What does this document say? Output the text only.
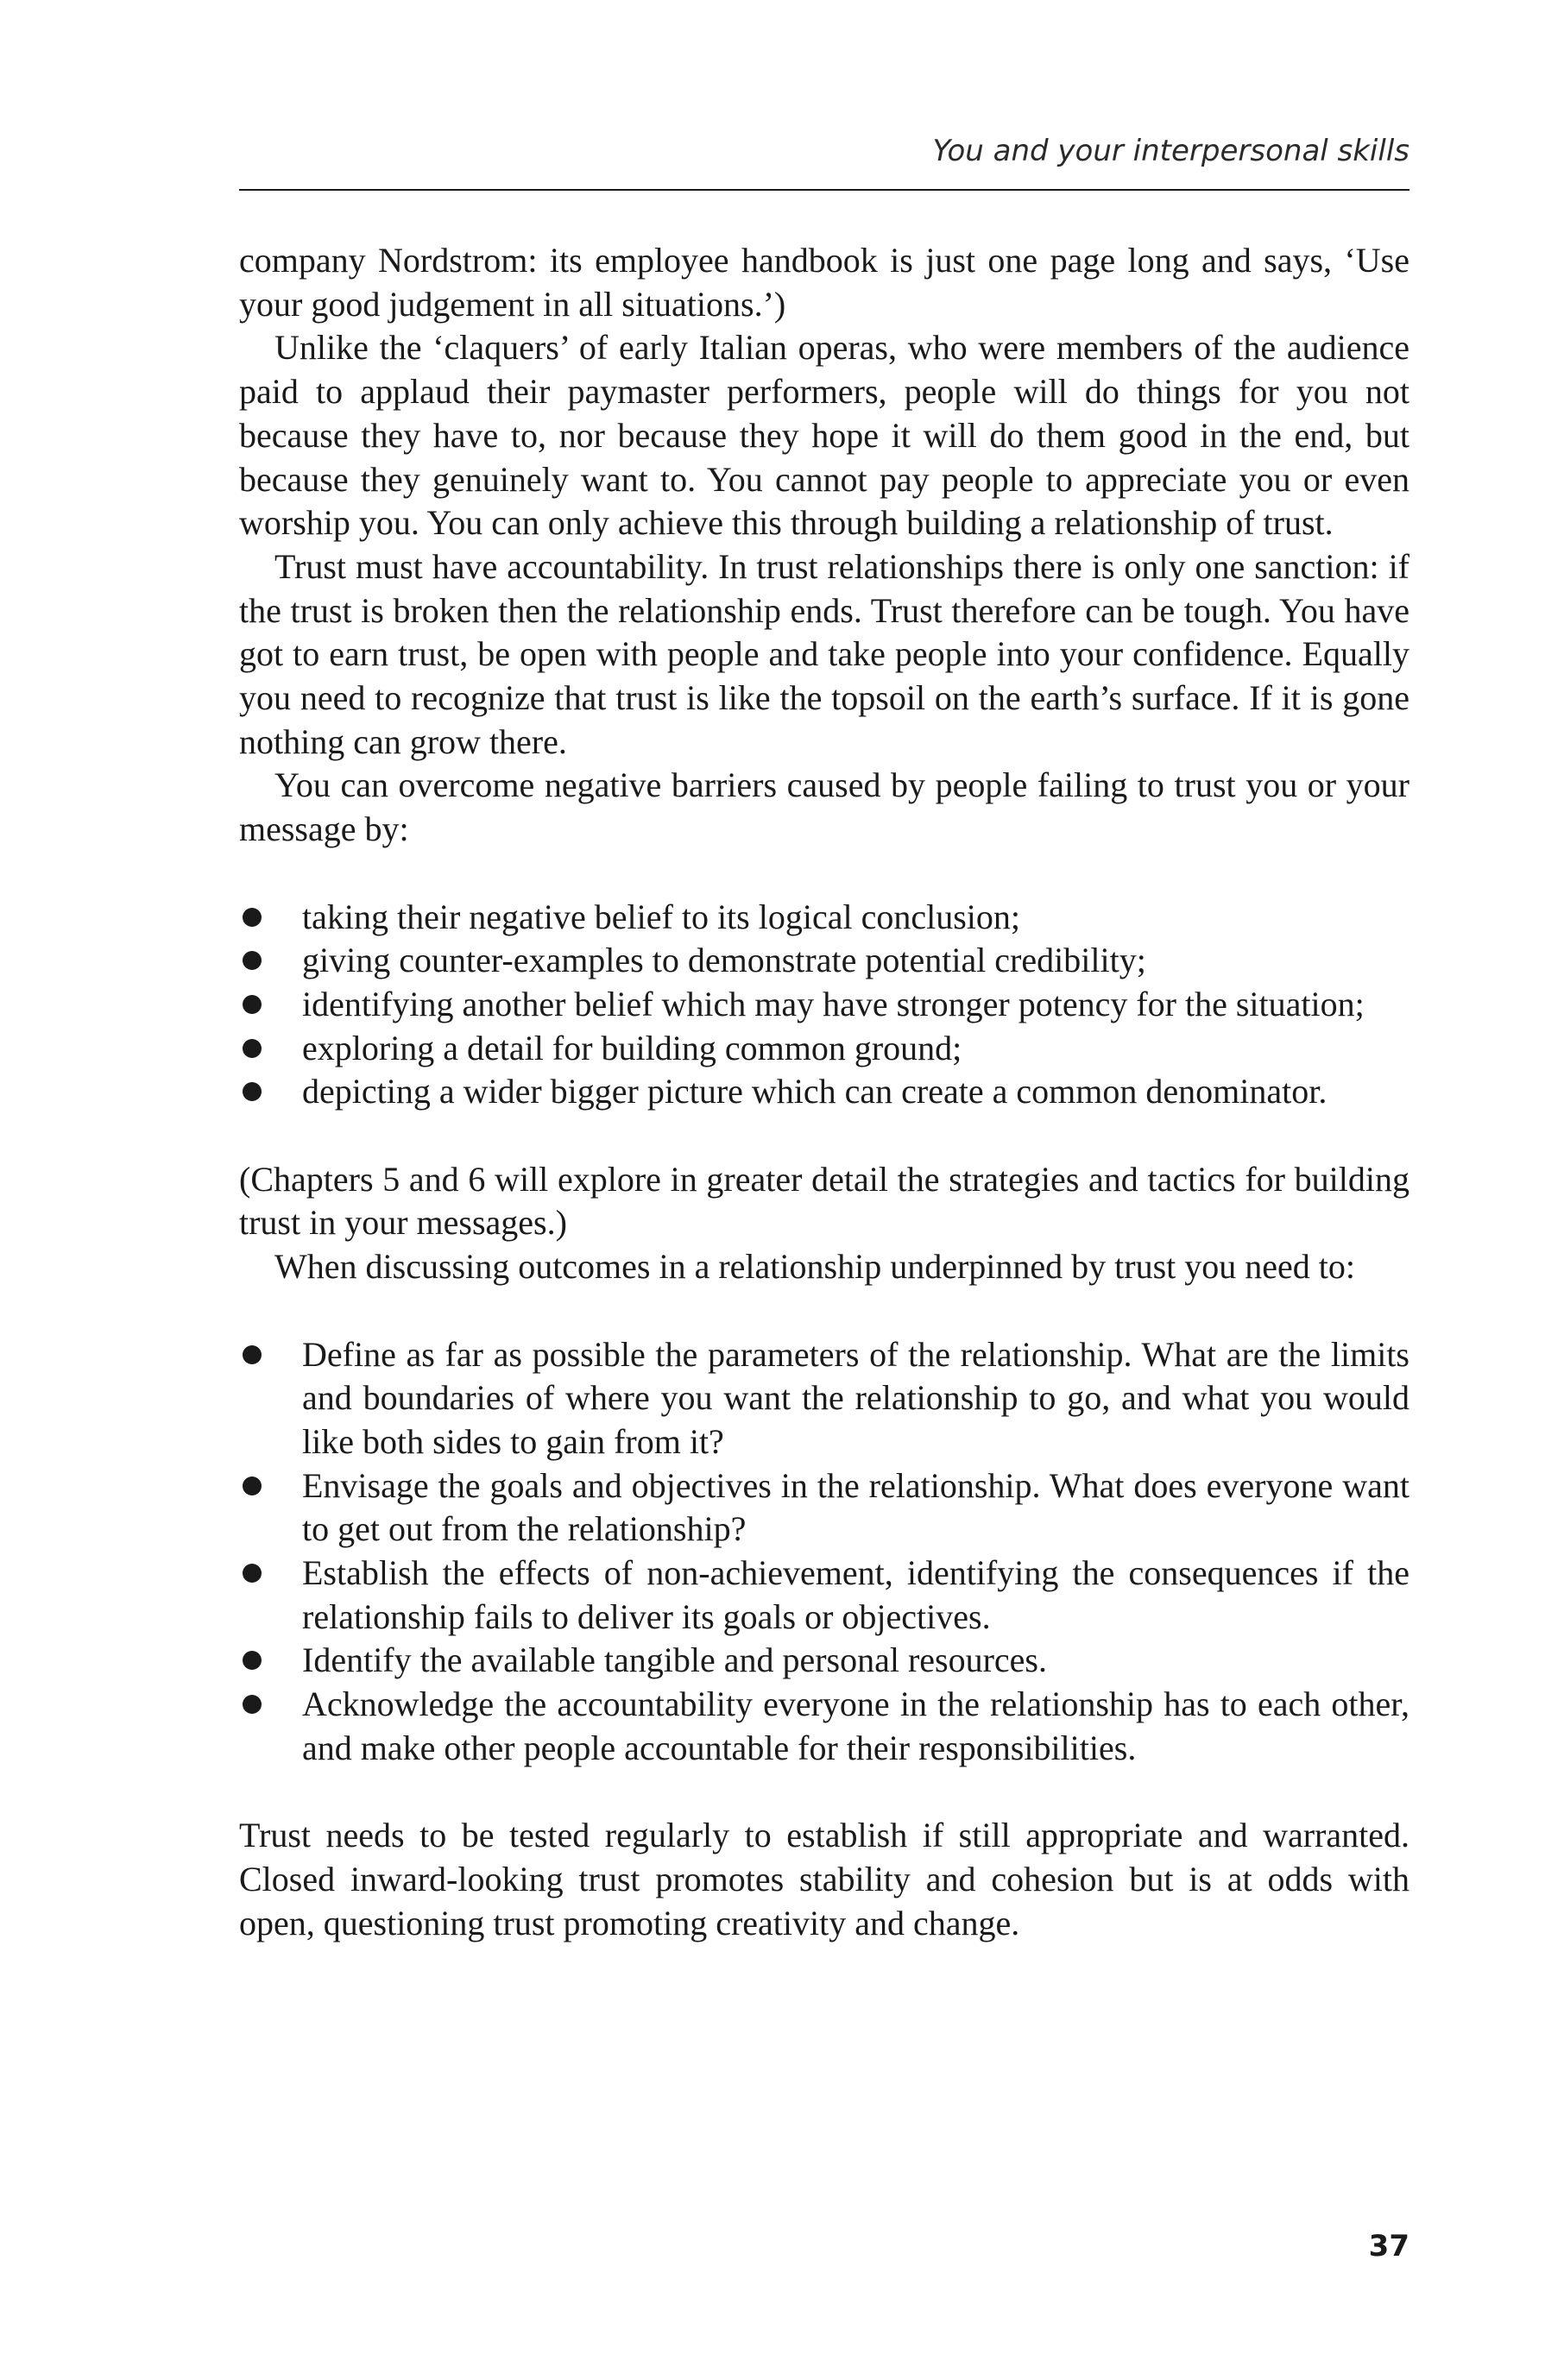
You and your interpersonal skills

company Nordstrom: its employee handbook is just one page long and says, ‘Use your good judgement in all situations.’)

Unlike the ‘claquers’ of early Italian operas, who were members of the audience paid to applaud their paymaster performers, people will do things for you not because they have to, nor because they hope it will do them good in the end, but because they genuinely want to. You cannot pay people to appreciate you or even worship you. You can only achieve this through building a relationship of trust.

Trust must have accountability. In trust relationships there is only one sanction: if the trust is broken then the relationship ends. Trust therefore can be tough. You have got to earn trust, be open with people and take people into your confidence. Equally you need to recognize that trust is like the topsoil on the earth’s surface. If it is gone nothing can grow there.

You can overcome negative barriers caused by people failing to trust you or your message by:

taking their negative belief to its logical conclusion;
giving counter-examples to demonstrate potential credibility;
identifying another belief which may have stronger potency for the situation;
exploring a detail for building common ground;
depicting a wider bigger picture which can create a common denominator.

(Chapters 5 and 6 will explore in greater detail the strategies and tactics for building trust in your messages.)

When discussing outcomes in a relationship underpinned by trust you need to:

Define as far as possible the parameters of the relationship. What are the limits and boundaries of where you want the relationship to go, and what you would like both sides to gain from it?
Envisage the goals and objectives in the relationship. What does everyone want to get out from the relationship?
Establish the effects of non-achievement, identifying the consequences if the relationship fails to deliver its goals or objectives.
Identify the available tangible and personal resources.
Acknowledge the accountability everyone in the relationship has to each other, and make other people accountable for their responsibilities.

Trust needs to be tested regularly to establish if still appropriate and warranted. Closed inward-looking trust promotes stability and cohesion but is at odds with open, questioning trust promoting creativity and change.

37
